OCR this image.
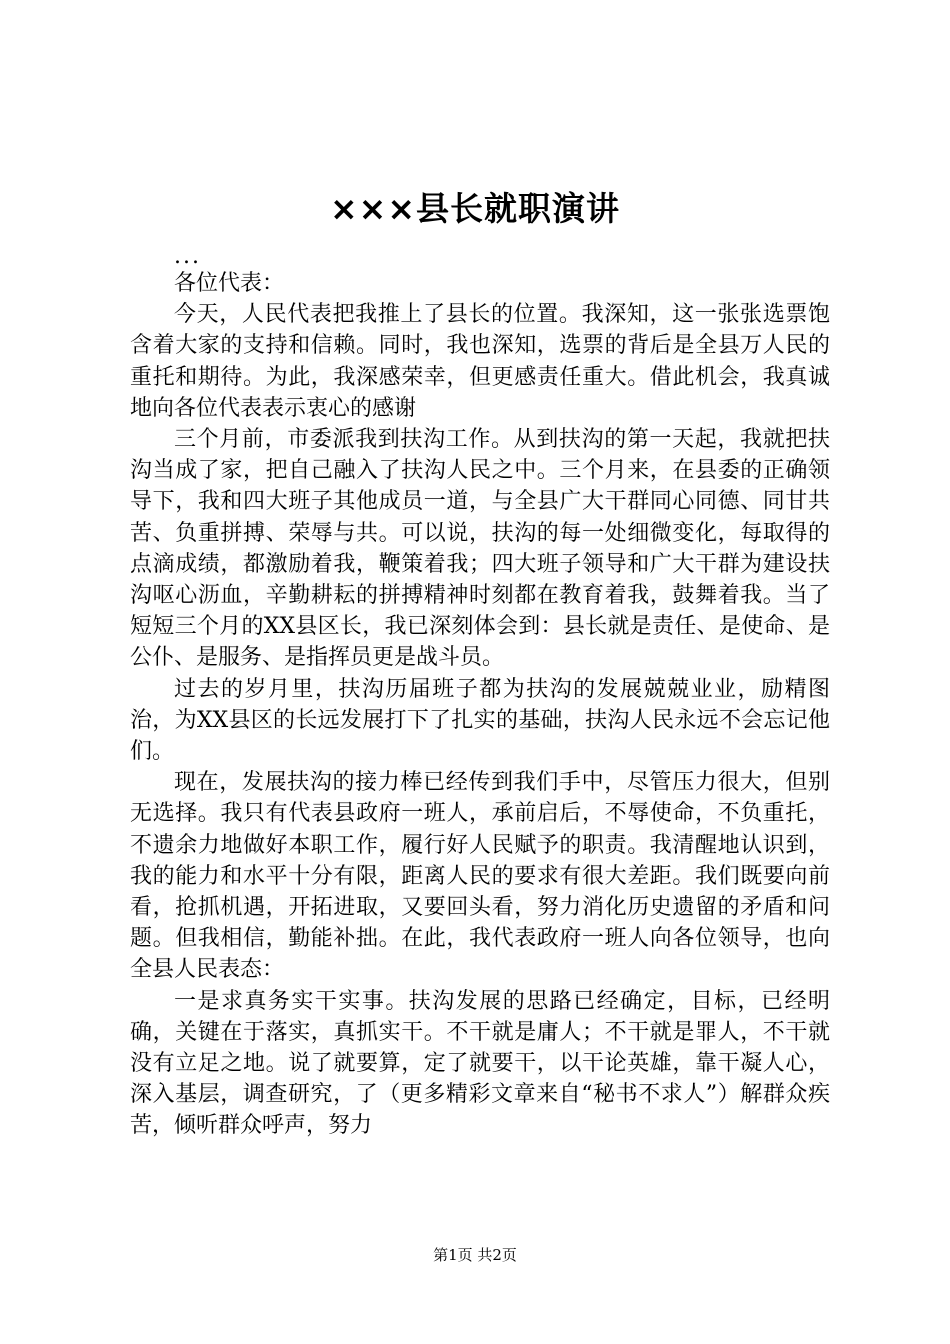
×××县长就职演讲

...

各位代表：

今天，人民代表把我推上了县长的位置。我深知，这一张张选票饱含着大家的支持和信赖。同时，我也深知，选票的背后是全县万人民的重托和期待。为此，我深感荣幸，但更感责任重大。借此机会，我真诚地向各位代表表示衷心的感谢

三个月前，市委派我到扶沟工作。从到扶沟的第一天起，我就把扶沟当成了家，把自己融入了扶沟人民之中。三个月来，在县委的正确领导下，我和四大班子其他成员一道，与全县广大干群同心同德、同甘共苦、负重拼搏、荣辱与共。可以说，扶沟的每一处细微变化，每取得的点滴成绩，都激励着我，鞭策着我；四大班子领导和广大干群为建设扶沟呕心沥血，辛勤耕耘的拼搏精神时刻都在教育着我，鼓舞着我。当了短短三个月的XX县区长，我已深刻体会到：县长就是责任、是使命、是公仆、是服务、是指挥员更是战斗员。

过去的岁月里，扶沟历届班子都为扶沟的发展兢兢业业，励精图治，为XX县区的长远发展打下了扎实的基础，扶沟人民永远不会忘记他们。

现在，发展扶沟的接力棒已经传到我们手中，尽管压力很大，但别无选择。我只有代表县政府一班人，承前启后，不辱使命，不负重托，不遗余力地做好本职工作，履行好人民赋予的职责。我清醒地认识到，我的能力和水平十分有限，距离人民的要求有很大差距。我们既要向前看，抢抓机遇，开拓进取，又要回头看，努力消化历史遗留的矛盾和问题。但我相信，勤能补拙。在此，我代表政府一班人向各位领导，也向全县人民表态：

一是求真务实干实事。扶沟发展的思路已经确定，目标，已经明确，关键在于落实，真抓实干。不干就是庸人；不干就是罪人，不干就没有立足之地。说了就要算，定了就要干，以干论英雄，靠干凝人心，深入基层，调查研究，了（更多精彩文章来自“秘书不求人”）解群众疾苦，倾听群众呼声，努力

第1页 共2页
